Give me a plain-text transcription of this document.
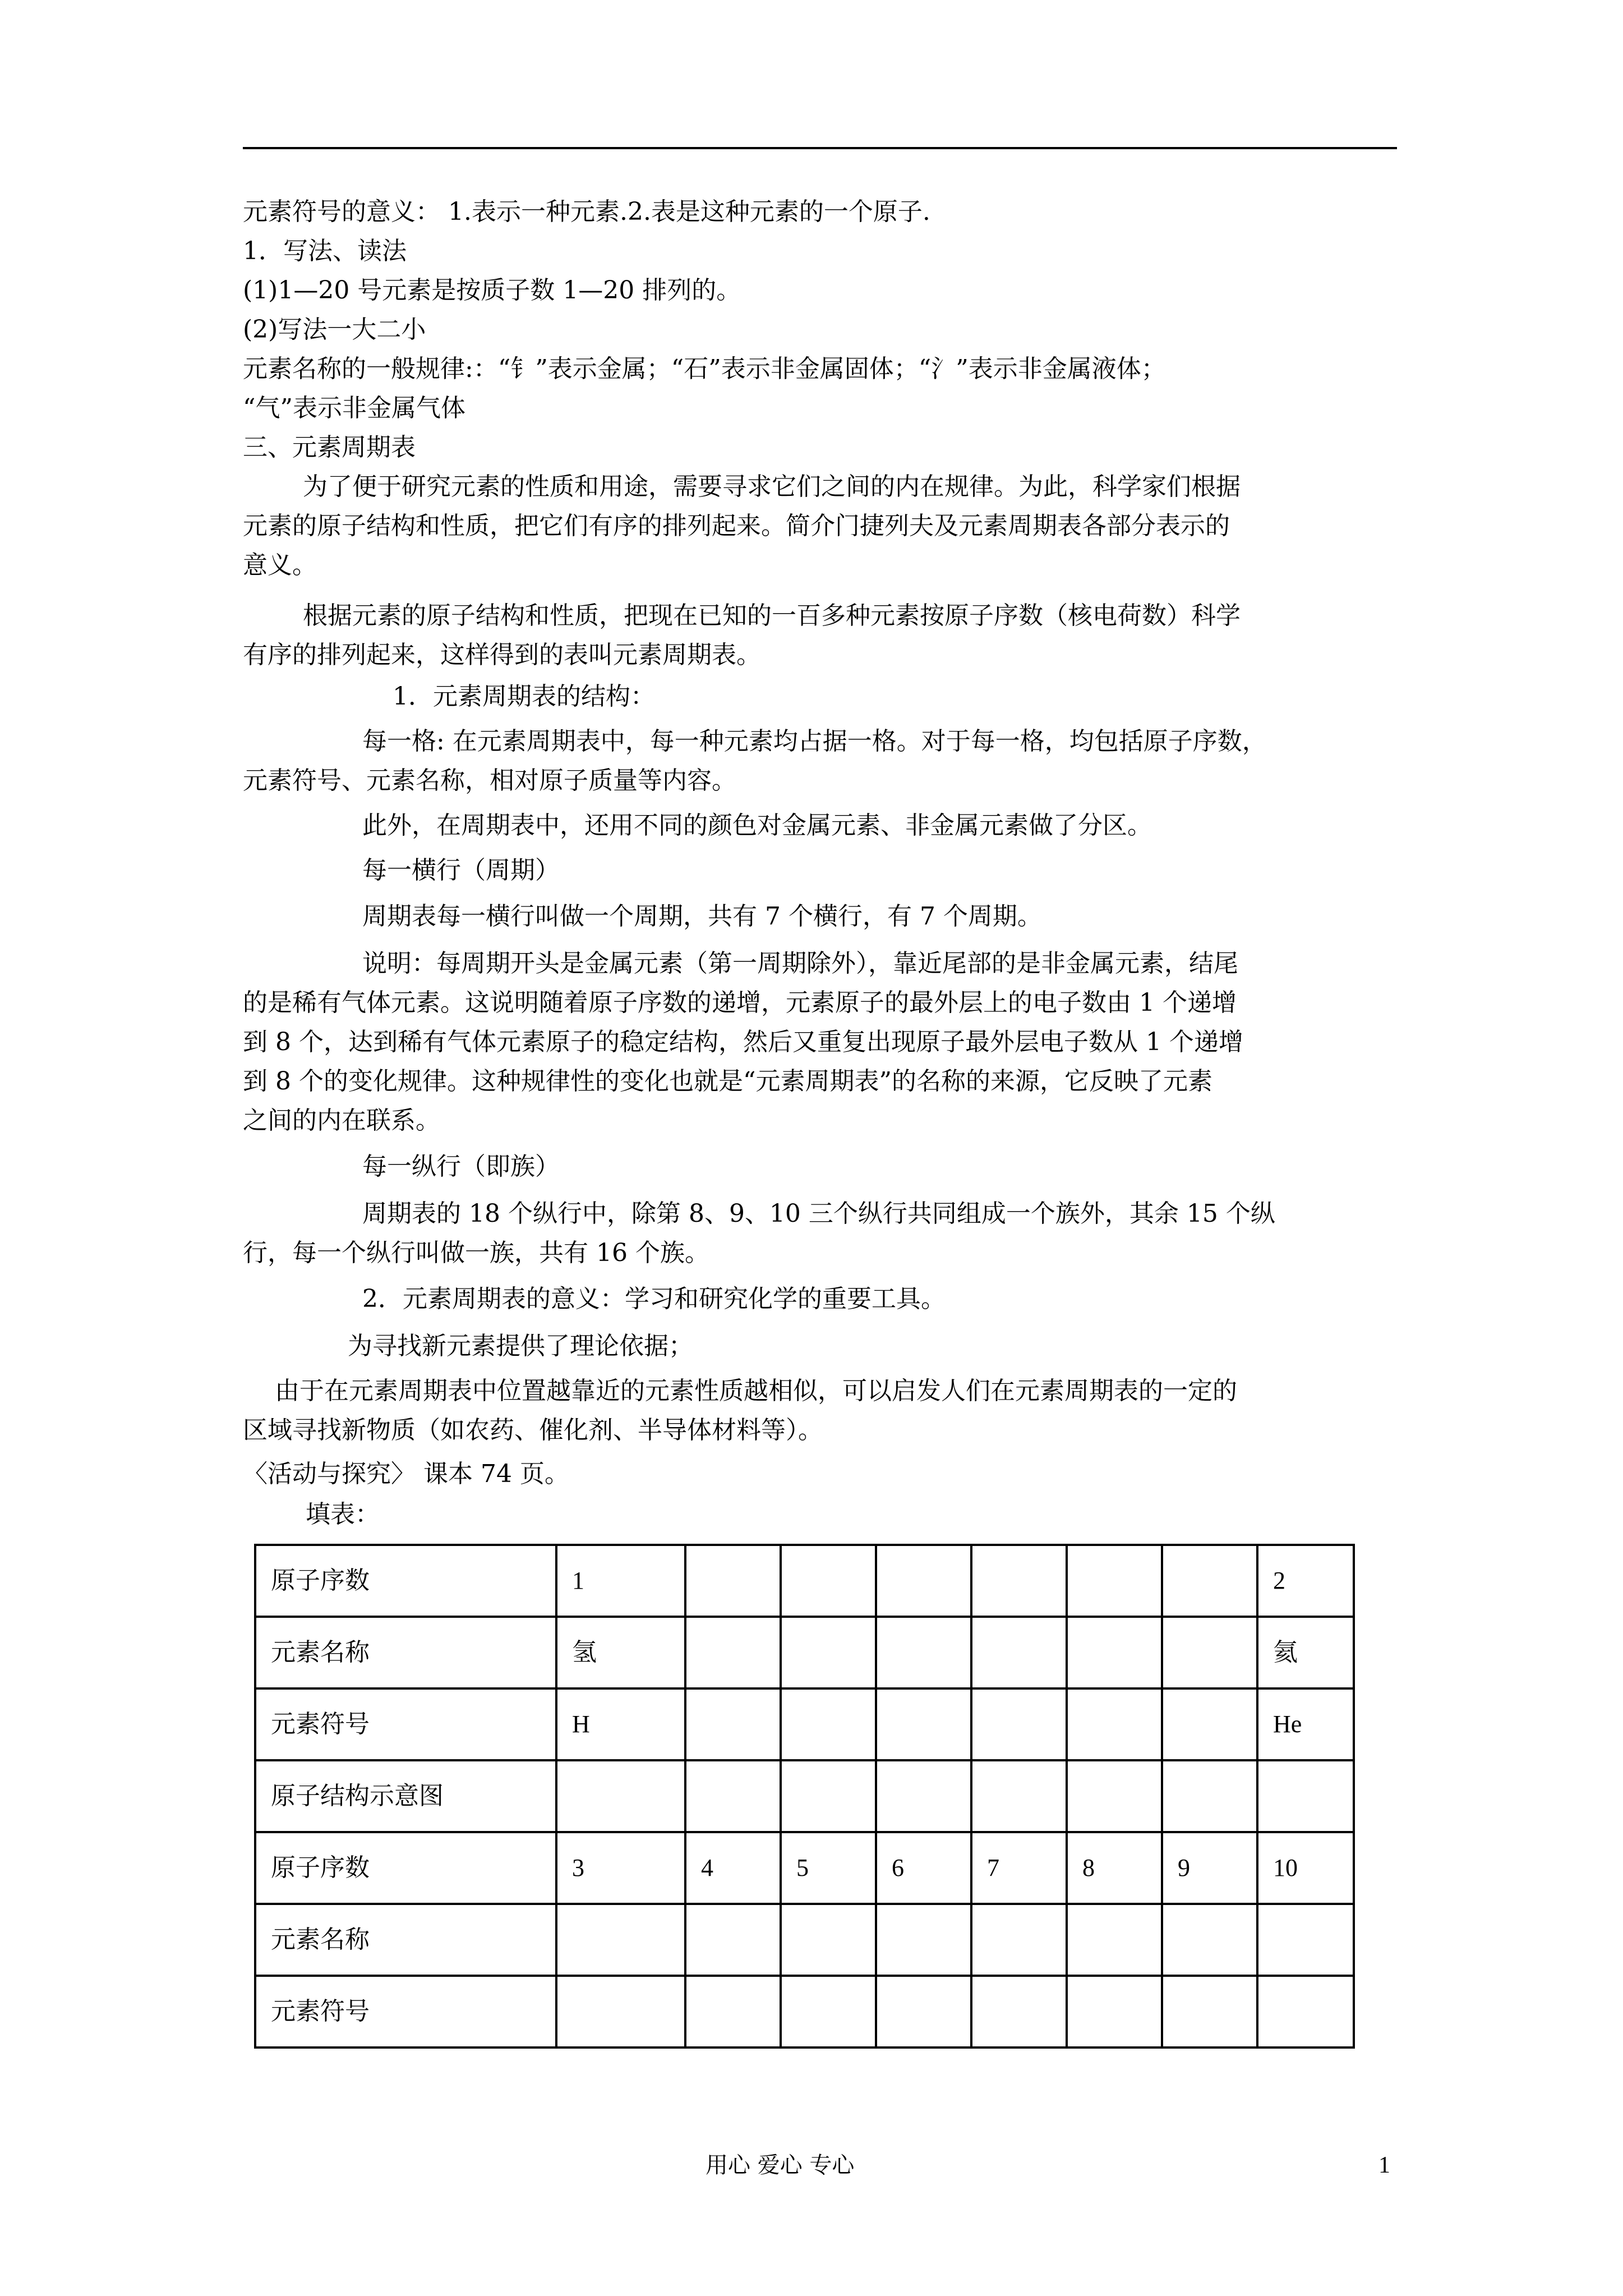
元素符号的意义： 1.表示一种元素.2.表是这种元素的一个原子.
1．写法、读法
(1)1—20 号元素是按质子数 1—20 排列的。
(2)写法一大二小
元素名称的一般规律:：“钅”表示金属；“石”表示非金属固体；“氵”表示非金属液体；
“气”表示非金属气体
三、元素周期表
为了便于研究元素的性质和用途，需要寻求它们之间的内在规律。为此，科学家们根据
元素的原子结构和性质，把它们有序的排列起来。简介门捷列夫及元素周期表各部分表示的
意义。
根据元素的原子结构和性质，把现在已知的一百多种元素按原子序数（核电荷数）科学
有序的排列起来，这样得到的表叫元素周期表。
1．元素周期表的结构：
每一格: 在元素周期表中，每一种元素均占据一格。对于每一格，均包括原子序数，
元素符号、元素名称，相对原子质量等内容。
此外，在周期表中，还用不同的颜色对金属元素、非金属元素做了分区。
每一横行（周期）
周期表每一横行叫做一个周期，共有 7 个横行，有 7 个周期。
说明：每周期开头是金属元素（第一周期除外），靠近尾部的是非金属元素，结尾
的是稀有气体元素。这说明随着原子序数的递增，元素原子的最外层上的电子数由 1 个递增
到 8 个，达到稀有气体元素原子的稳定结构，然后又重复出现原子最外层电子数从 1 个递增
到 8 个的变化规律。这种规律性的变化也就是“元素周期表”的名称的来源，它反映了元素
之间的内在联系。
每一纵行（即族）
周期表的 18 个纵行中，除第 8、9、10 三个纵行共同组成一个族外，其余 15 个纵
行，每一个纵行叫做一族，共有 16 个族。
2．元素周期表的意义：学习和研究化学的重要工具。
为寻找新元素提供了理论依据；
由于在元素周期表中位置越靠近的元素性质越相似，可以启发人们在元素周期表的一定的
区域寻找新物质（如农药、催化剂、半导体材料等）。
〈活动与探究〉 课本 74 页。
填表：
原子序数	1							2
元素名称	氢							氦
元素符号	H							He
原子结构示意图								
原子序数	3	4	5	6	7	8	9	10
元素名称								
元素符号								
用心 爱心 专心	1
